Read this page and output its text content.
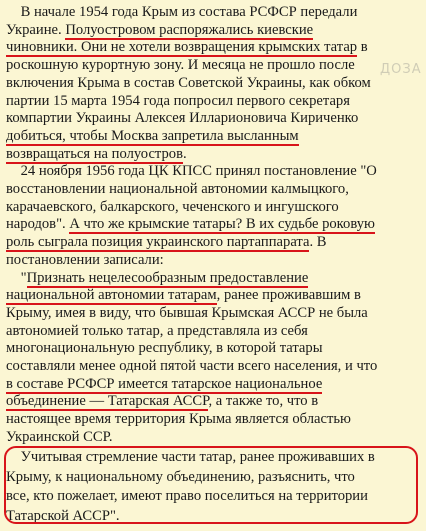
ДОЗА
В начале 1954 года Крым из состава РСФСР передали
Украине. Полуостровом распоряжались киевские
чиновники. Они не хотели возвращения крымских татар в
роскошную курортную зону. И месяца не прошло после
включения Крыма в состав Советской Украины, как обком
партии 15 марта 1954 года попросил первого секретаря
компартии Украины Алексея Илларионовича Кириченко
добиться, чтобы Москва запретила высланным
возвращаться на полуостров.
24 ноября 1956 года ЦК КПСС принял постановление "О
восстановлении национальной автономии калмыцкого,
карачаевского, балкарского, чеченского и ингушского
народов". А что же крымские татары? В их судьбе роковую
роль сыграла позиция украинского партаппарата. В
постановлении записали:
"Признать нецелесообразным предоставление
национальной автономии татарам, ранее проживавшим в
Крыму, имея в виду, что бывшая Крымская АССР не была
автономией только татар, а представляла из себя
многонациональную республику, в которой татары
составляли менее одной пятой части всего населения, и что
в составе РСФСР имеется татарское национальное
объединение — Татарская АССР, а также то, что в
настоящее время территория Крыма является областью
Украинской ССР.
Учитывая стремление части татар, ранее проживавших в
Крыму, к национальному объединению, разъяснить, что
все, кто пожелает, имеют право поселиться на территории
Татарской АССР".
